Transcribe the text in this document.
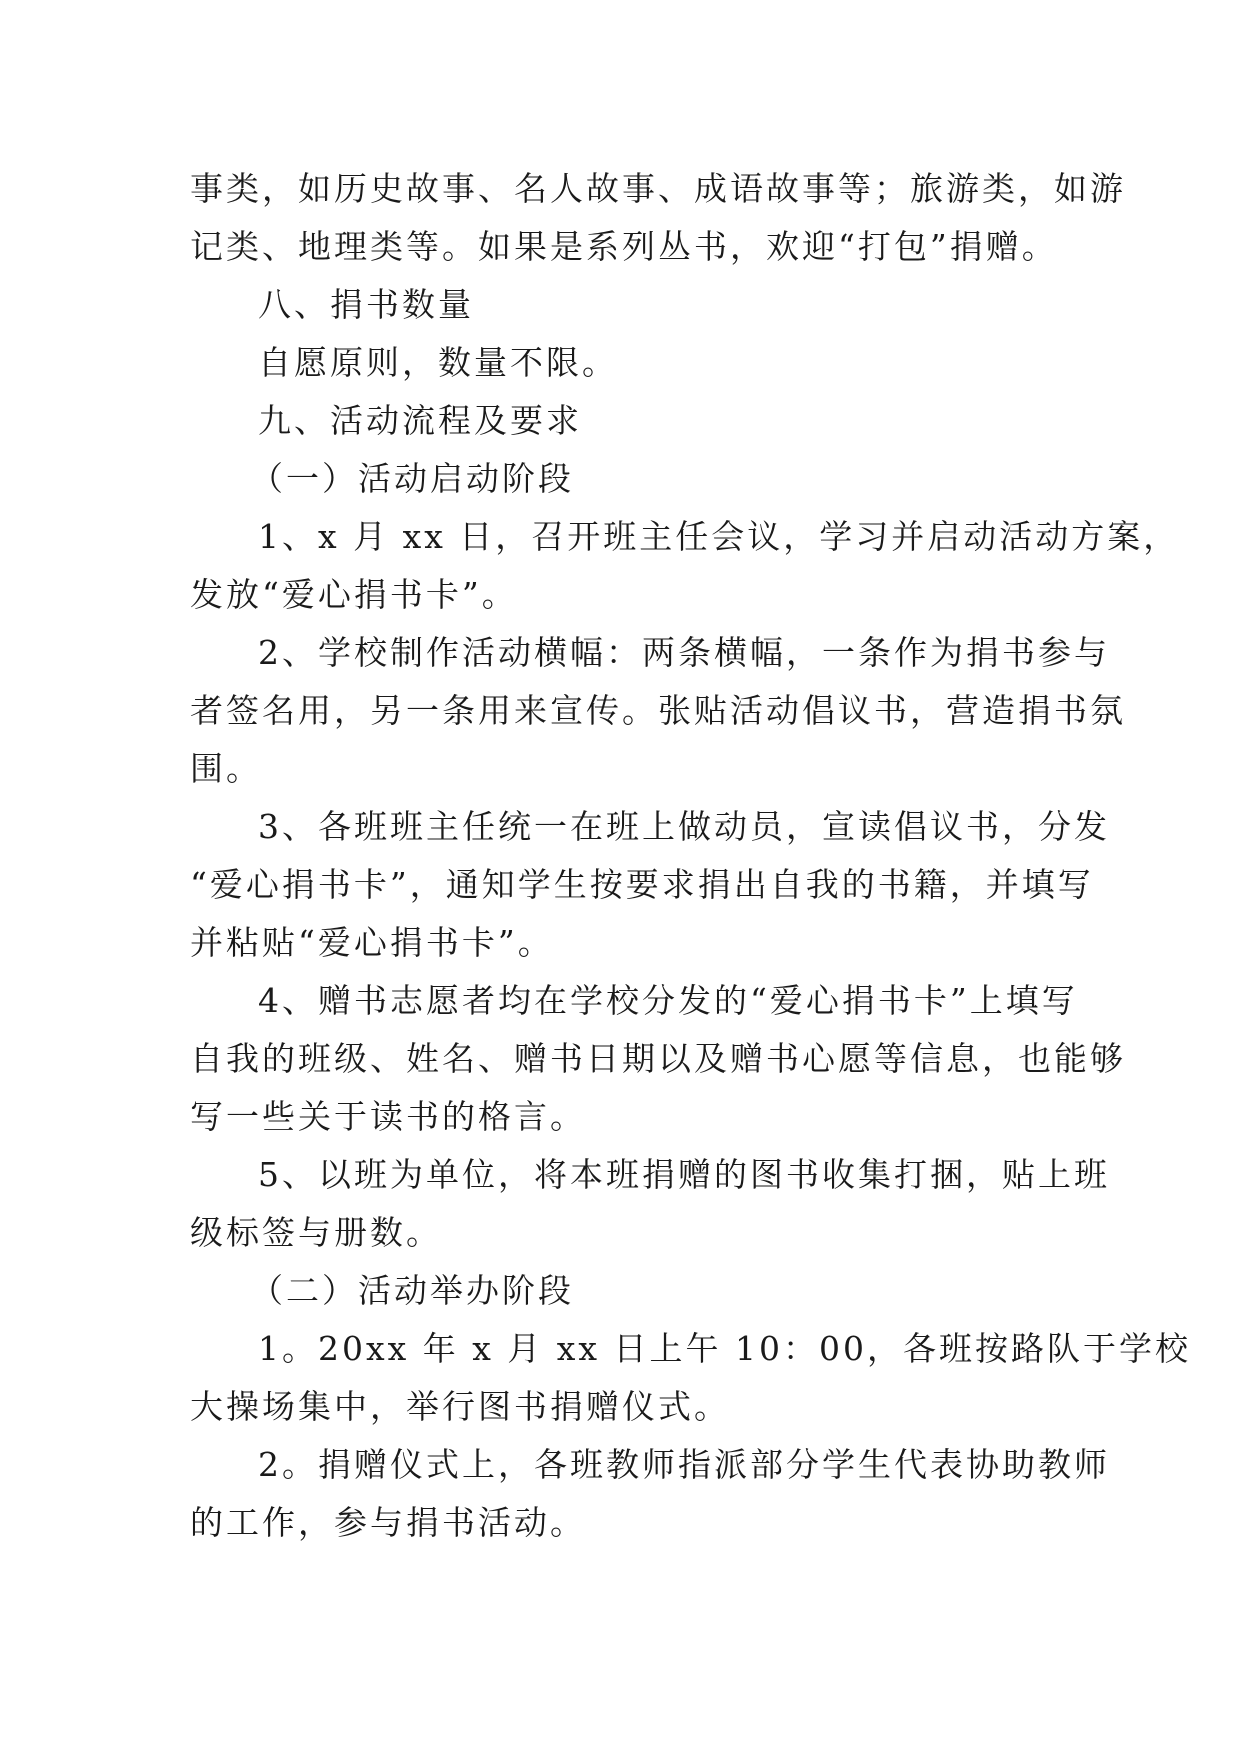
事类，如历史故事、名人故事、成语故事等；旅游类，如游
记类、地理类等。如果是系列丛书，欢迎“打包”捐赠。
八、捐书数量
自愿原则，数量不限。
九、活动流程及要求
（一）活动启动阶段
1、x 月 xx 日，召开班主任会议，学习并启动活动方案，
发放“爱心捐书卡”。
2、学校制作活动横幅：两条横幅，一条作为捐书参与
者签名用，另一条用来宣传。张贴活动倡议书，营造捐书氛
围。
3、各班班主任统一在班上做动员，宣读倡议书，分发
“爱心捐书卡”，通知学生按要求捐出自我的书籍，并填写
并粘贴“爱心捐书卡”。
4、赠书志愿者均在学校分发的“爱心捐书卡”上填写
自我的班级、姓名、赠书日期以及赠书心愿等信息，也能够
写一些关于读书的格言。
5、以班为单位，将本班捐赠的图书收集打捆，贴上班
级标签与册数。
（二）活动举办阶段
1。20xx 年 x 月 xx 日上午 10：00，各班按路队于学校
大操场集中，举行图书捐赠仪式。
2。捐赠仪式上，各班教师指派部分学生代表协助教师
的工作，参与捐书活动。
